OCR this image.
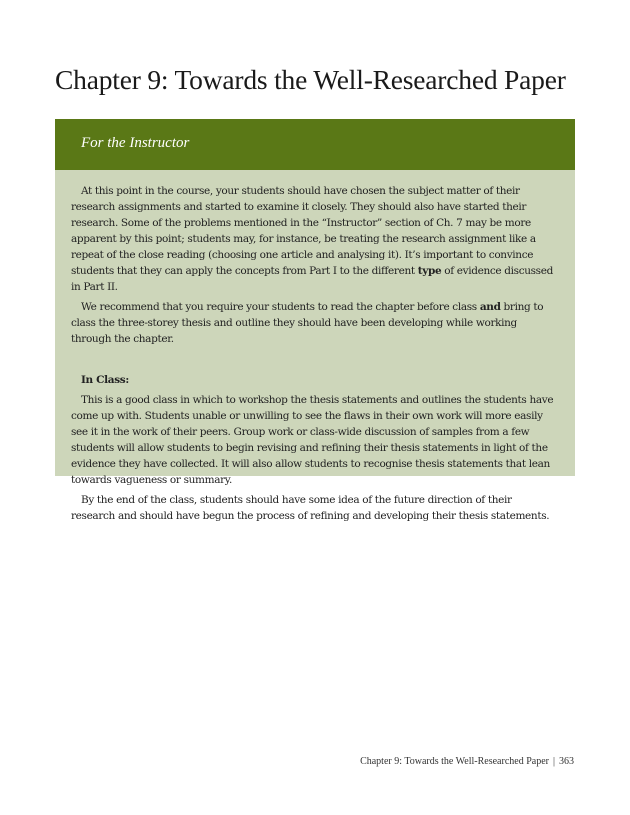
Chapter 9: Towards the Well-Researched Paper
For the Instructor

At this point in the course, your students should have chosen the subject matter of their research assignments and started to examine it closely. They should also have started their research. Some of the problems mentioned in the “Instructor” section of Ch. 7 may be more apparent by this point; students may, for instance, be treating the research assignment like a repeat of the close reading (choosing one article and analysing it). It’s important to convince students that they can apply the concepts from Part I to the different type of evidence discussed in Part II.

We recommend that you require your students to read the chapter before class and bring to class the three-storey thesis and outline they should have been developing while working through the chapter.

In Class:

This is a good class in which to workshop the thesis statements and outlines the students have come up with. Students unable or unwilling to see the flaws in their own work will more easily see it in the work of their peers. Group work or class-wide discussion of samples from a few students will allow students to begin revising and refining their thesis statements in light of the evidence they have collected. It will also allow students to recognise thesis statements that lean towards vagueness or summary.

By the end of the class, students should have some idea of the future direction of their research and should have begun the process of refining and developing their thesis statements.

Chapter 9: Towards the Well-Researched Paper | 363
